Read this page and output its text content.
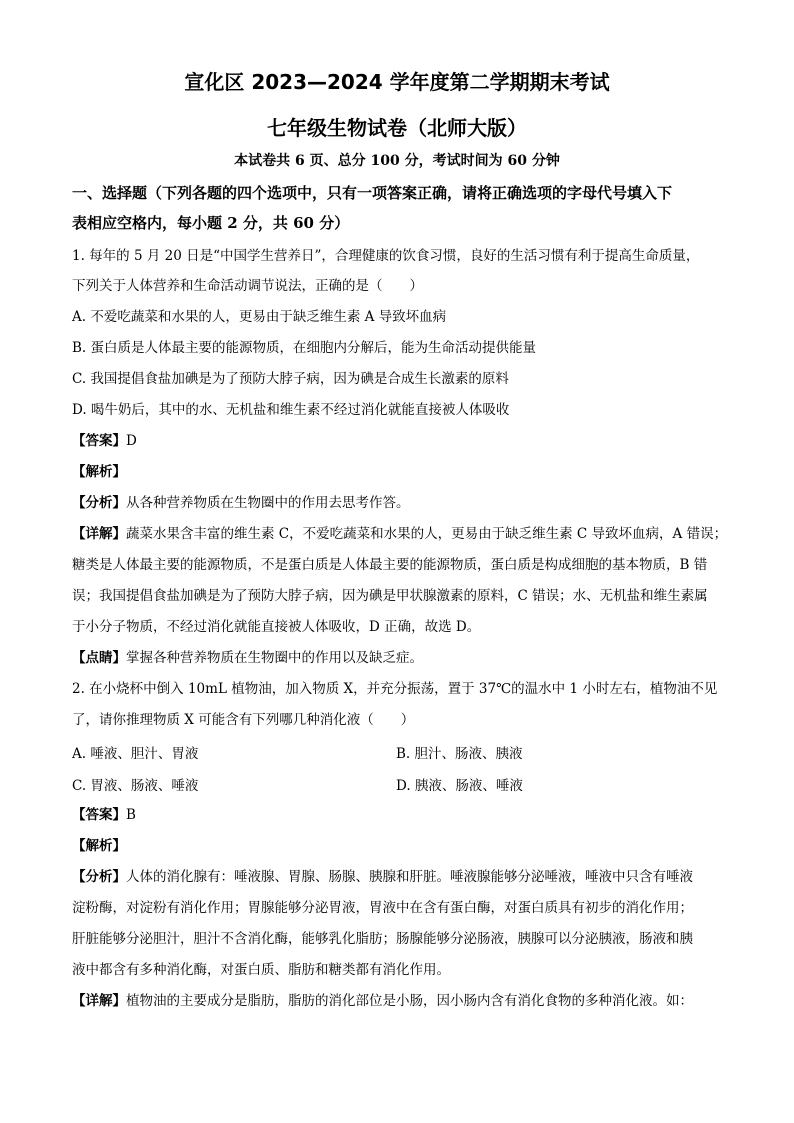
宣化区 2023—2024 学年度第二学期期末考试
七年级生物试卷（北师大版）
本试卷共 6 页、总分 100 分，考试时间为 60 分钟
一、选择题（下列各题的四个选项中，只有一项答案正确，请将正确选项的字母代号填入下
表相应空格内，每小题 2 分，共 60 分）
1. 每年的 5 月 20 日是“中国学生营养日”，合理健康的饮食习惯，良好的生活习惯有利于提高生命质量，
下列关于人体营养和生命活动调节说法，正确的是（　　）
A. 不爱吃蔬菜和水果的人，更易由于缺乏维生素 A 导致坏血病
B. 蛋白质是人体最主要的能源物质，在细胞内分解后，能为生命活动提供能量
C. 我国提倡食盐加碘是为了预防大脖子病，因为碘是合成生长激素的原料
D. 喝牛奶后，其中的水、无机盐和维生素不经过消化就能直接被人体吸收
【答案】D
【解析】
【分析】从各种营养物质在生物圈中的作用去思考作答。
【详解】蔬菜水果含丰富的维生素 C，不爱吃蔬菜和水果的人，更易由于缺乏维生素 C 导致坏血病，A 错误；
糖类是人体最主要的能源物质，不是蛋白质是人体最主要的能源物质，蛋白质是构成细胞的基本物质，B 错
误；我国提倡食盐加碘是为了预防大脖子病，因为碘是甲状腺激素的原料，C 错误；水、无机盐和维生素属
于小分子物质，不经过消化就能直接被人体吸收，D 正确，故选 D。
【点睛】掌握各种营养物质在生物圈中的作用以及缺乏症。
2. 在小烧杯中倒入 10mL 植物油，加入物质 X，并充分振荡，置于 37℃的温水中 1 小时左右，植物油不见
了，请你推理物质 X 可能含有下列哪几种消化液（　　）
A. 唾液、胆汁、胃液	B. 胆汁、肠液、胰液
C. 胃液、肠液、唾液	D. 胰液、肠液、唾液
【答案】B
【解析】
【分析】人体的消化腺有：唾液腺、胃腺、肠腺、胰腺和肝脏。唾液腺能够分泌唾液，唾液中只含有唾液
淀粉酶，对淀粉有消化作用；胃腺能够分泌胃液，胃液中在含有蛋白酶，对蛋白质具有初步的消化作用；
肝脏能够分泌胆汁，胆汁不含消化酶，能够乳化脂肪；肠腺能够分泌肠液，胰腺可以分泌胰液，肠液和胰
液中都含有多种消化酶，对蛋白质、脂肪和糖类都有消化作用。
【详解】植物油的主要成分是脂肪，脂肪的消化部位是小肠，因小肠内含有消化食物的多种消化液。如：
